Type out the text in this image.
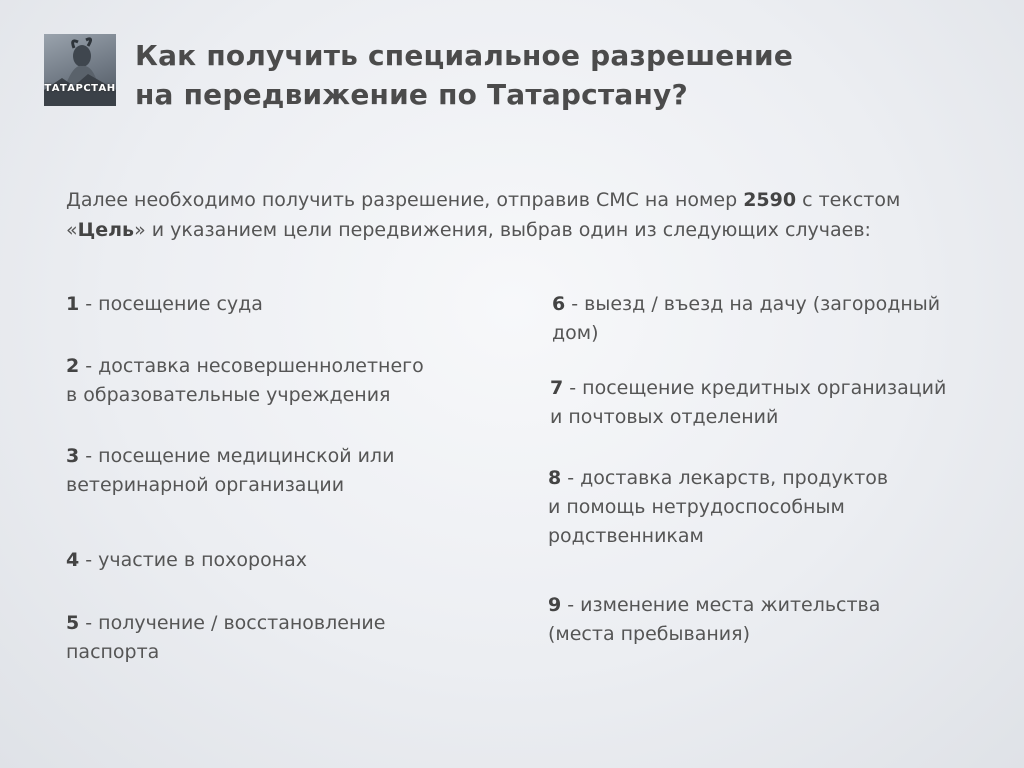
ТАТАРСТАН
Как получить специальное разрешение
на передвижение по Татарстану?
Далее необходимо получить разрешение, отправив СМС на номер 2590 с текстом
«Цель» и указанием цели передвижения, выбрав один из следующих случаев:
1 - посещение суда
2 - доставка несовершеннолетнего
в образовательные учреждения
3 - посещение медицинской или
ветеринарной организации
4 - участие в похоронах
5 - получение / восстановление
паспорта
6 - выезд / въезд на дачу (загородный
дом)
7 - посещение кредитных организаций
и почтовых отделений
8 - доставка лекарств, продуктов
и помощь нетрудоспособным
родственникам
9 - изменение места жительства
(места пребывания)
